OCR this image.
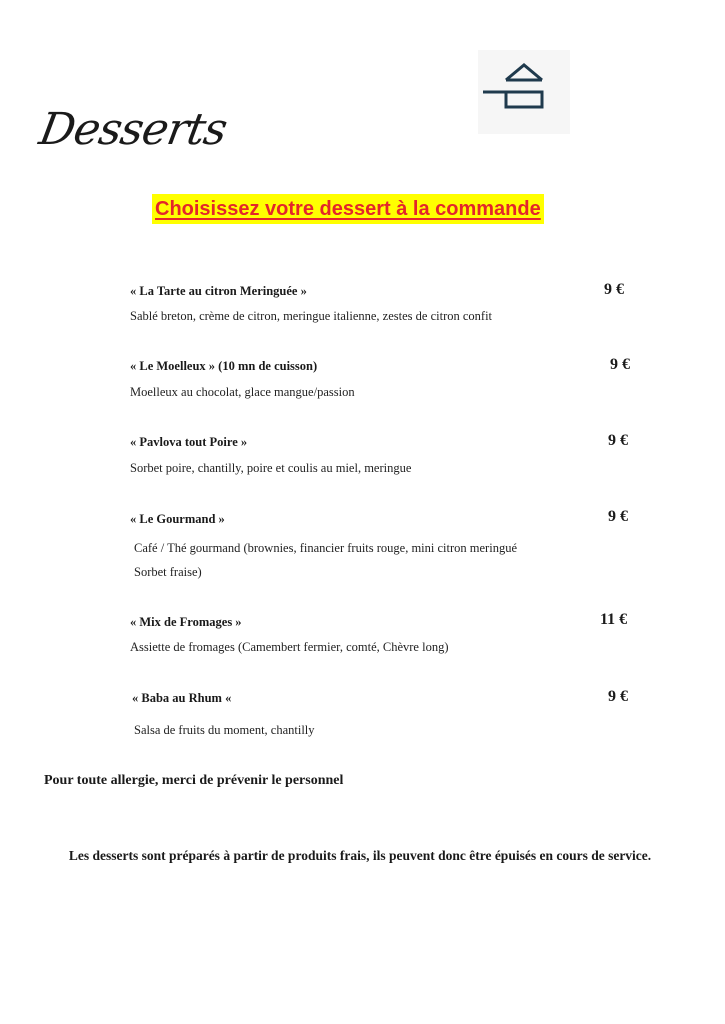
Desserts
Choisissez votre dessert à la commande
« La Tarte au citron Meringuée »
Sablé breton, crème de citron, meringue italienne, zestes de citron confit
9 €
« Le Moelleux » (10 mn de cuisson)
Moelleux au chocolat, glace mangue/passion
9 €
« Pavlova tout Poire »
Sorbet poire, chantilly, poire et coulis au miel, meringue
9 €
« Le Gourmand »
Café / Thé gourmand (brownies, financier fruits rouge, mini citron meringué
Sorbet fraise)
9 €
« Mix de Fromages »
Assiette de fromages (Camembert fermier, comté, Chèvre long)
11 €
« Baba au Rhum «
Salsa de fruits du moment, chantilly
9 €
Pour toute allergie, merci de prévenir le personnel
Les desserts sont préparés à partir de produits frais, ils peuvent donc être épuisés en cours de service.
